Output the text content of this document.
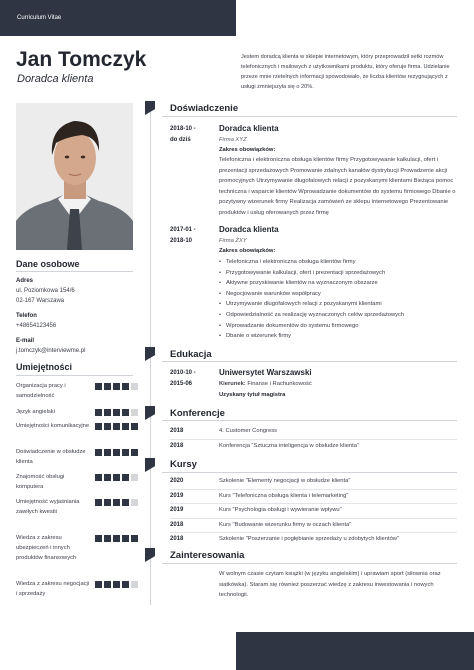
Curriculum Vitae
Jan Tomczyk
Doradca klienta
Jestem doradcą klienta w sklepie internetowym, który przeprowadził setki rozmów telefonicznych i mailowych z użytkownikami produktu, który oferuje firma. Udzielanie przeze mnie rzetelnych informacji spowodowało, że liczba klientów rezygnujących z usługi zmniejszyła się o 20%.
Dane osobowe
Adres
ul. Poziomkowa 154/6
02-167 Warszawa
Telefon
+48654123456
E-mail
j.tomczyk@interviewme.pl
Umiejętności
Organizacja pracy i samodzielność
Język angielski
Umiejętności komunikacyjne
Doświadczenie w obsłudze klienta
Znajomość obsługi komputera
Umiejętność wyjaśniania zawiłych kwestii
Wiedza z zakresu ubezpieczeń i innych produktów finansowych
Wiedza z zakresu negocjacji i sprzedaży
Doświadczenie
2018-10 -
do dziś
Doradca klienta
Firma XYZ
Zakres obowiązków:
Telefoniczna i elektroniczna obsługa klientów firmy Przygotowywanie kalkulacji, ofert i prezentacji sprzedażowych Promowanie zdalnych kanałów dystrybucji Prowadzenie akcji promocyjnych Utrzymywanie długofalowych relacji z pozyskanymi klientami Bieżąca pomoc techniczna i wsparcie klientów Wprowadzanie dokumentów do systemu firmowego Dbanie o pozytywny wizerunek firmy Realizacja zamówień ze sklepu internetowego Prezentowanie produktów i usług oferowanych przez firmę
2017-01 -
2018-10
Doradca klienta
Firma ŻXY
Zakres obowiązków:
• Telefoniczna i elektroniczna obsługa klientów firmy
• Przygotowywanie kalkulacji, ofert i prezentacji sprzedażowych
• Aktywne pozyskiwanie klientów na wyznaczonym obszarze
• Negocjowanie warunków współpracy
• Utrzymywanie długofalowych relacji z pozyskanymi klientami
• Odpowiedzialność za realizację wyznaczonych celów sprzedażowych
• Wprowadzanie dokumentów do systemu firmowego
• Dbanie o wizerunek firmy
Edukacja
2010-10 -
2015-06
Uniwersytet Warszawski
Kierunek: Finanse i Rachunkowość
Uzyskany tytuł magistra
Konferencje
2018	4. Customer Congress
2018	Konferencja “Sztuczna inteligencja w obsłudze klienta”
Kursy
2020	Szkolenie "Elementy negocjacji w obsłudze klienta"
2019	Kurs "Telefoniczna obsługa klienta i telemarketing"
2019	Kurs "Psychologia obsługi i wywieranie wpływu"
2018	Kurs "Budowanie wizerunku firmy w oczach klienta"
2018	Szkolenie "Poszerzanie i pogłębianie sprzedaży u zdobytych klientów"
Zainteresowania
W wolnym czasie czytam książki (w języku angielskim) i uprawiam sport (siłownia oraz siatkówka). Staram się również poszerzać wiedzę z zakresu inwestowania i nowych technologii.
